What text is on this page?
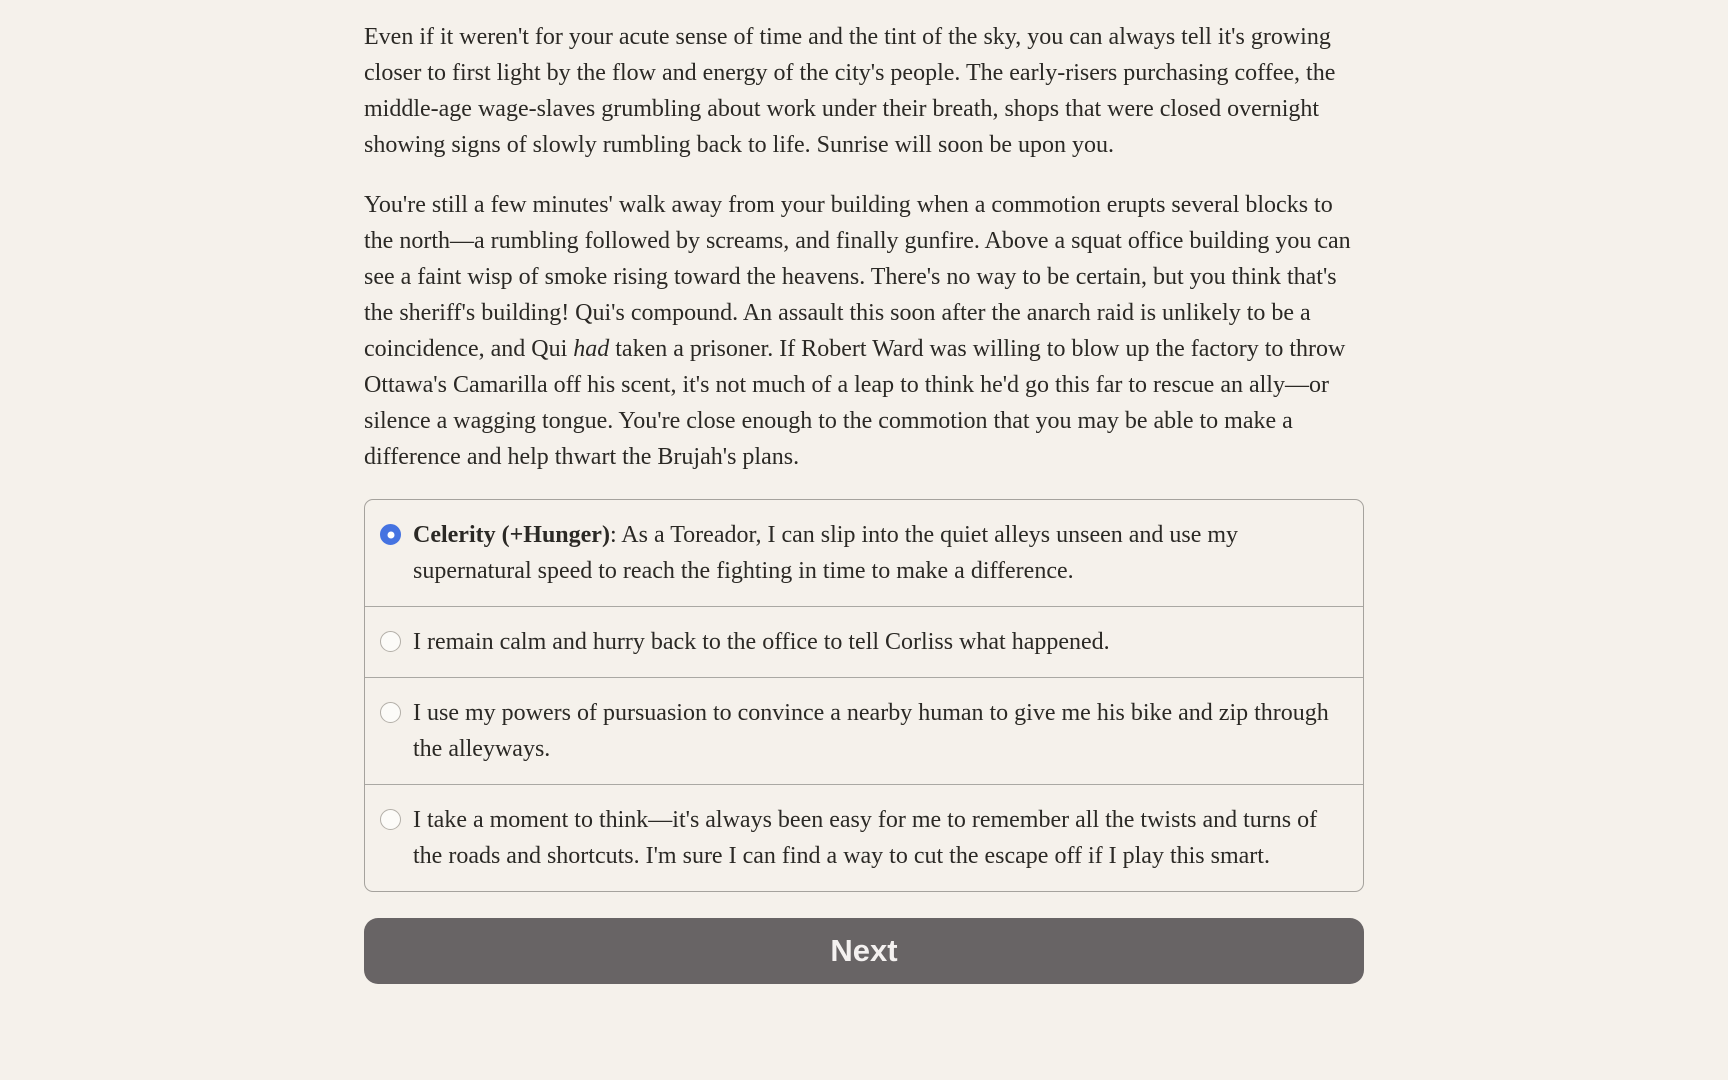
Even if it weren't for your acute sense of time and the tint of the sky, you can always tell it's growing closer to first light by the flow and energy of the city's people. The early-risers purchasing coffee, the middle-age wage-slaves grumbling about work under their breath, shops that were closed overnight showing signs of slowly rumbling back to life. Sunrise will soon be upon you.

You're still a few minutes' walk away from your building when a commotion erupts several blocks to the north—a rumbling followed by screams, and finally gunfire. Above a squat office building you can see a faint wisp of smoke rising toward the heavens. There's no way to be certain, but you think that's the sheriff's building! Qui's compound. An assault this soon after the anarch raid is unlikely to be a coincidence, and Qui had taken a prisoner. If Robert Ward was willing to blow up the factory to throw Ottawa's Camarilla off his scent, it's not much of a leap to think he'd go this far to rescue an ally—or silence a wagging tongue. You're close enough to the commotion that you may be able to make a difference and help thwart the Brujah's plans.

Celerity (+Hunger): As a Toreador, I can slip into the quiet alleys unseen and use my supernatural speed to reach the fighting in time to make a difference.
I remain calm and hurry back to the office to tell Corliss what happened.
I use my powers of pursuasion to convince a nearby human to give me his bike and zip through the alleyways.
I take a moment to think—it's always been easy for me to remember all the twists and turns of the roads and shortcuts. I'm sure I can find a way to cut the escape off if I play this smart.
Next
